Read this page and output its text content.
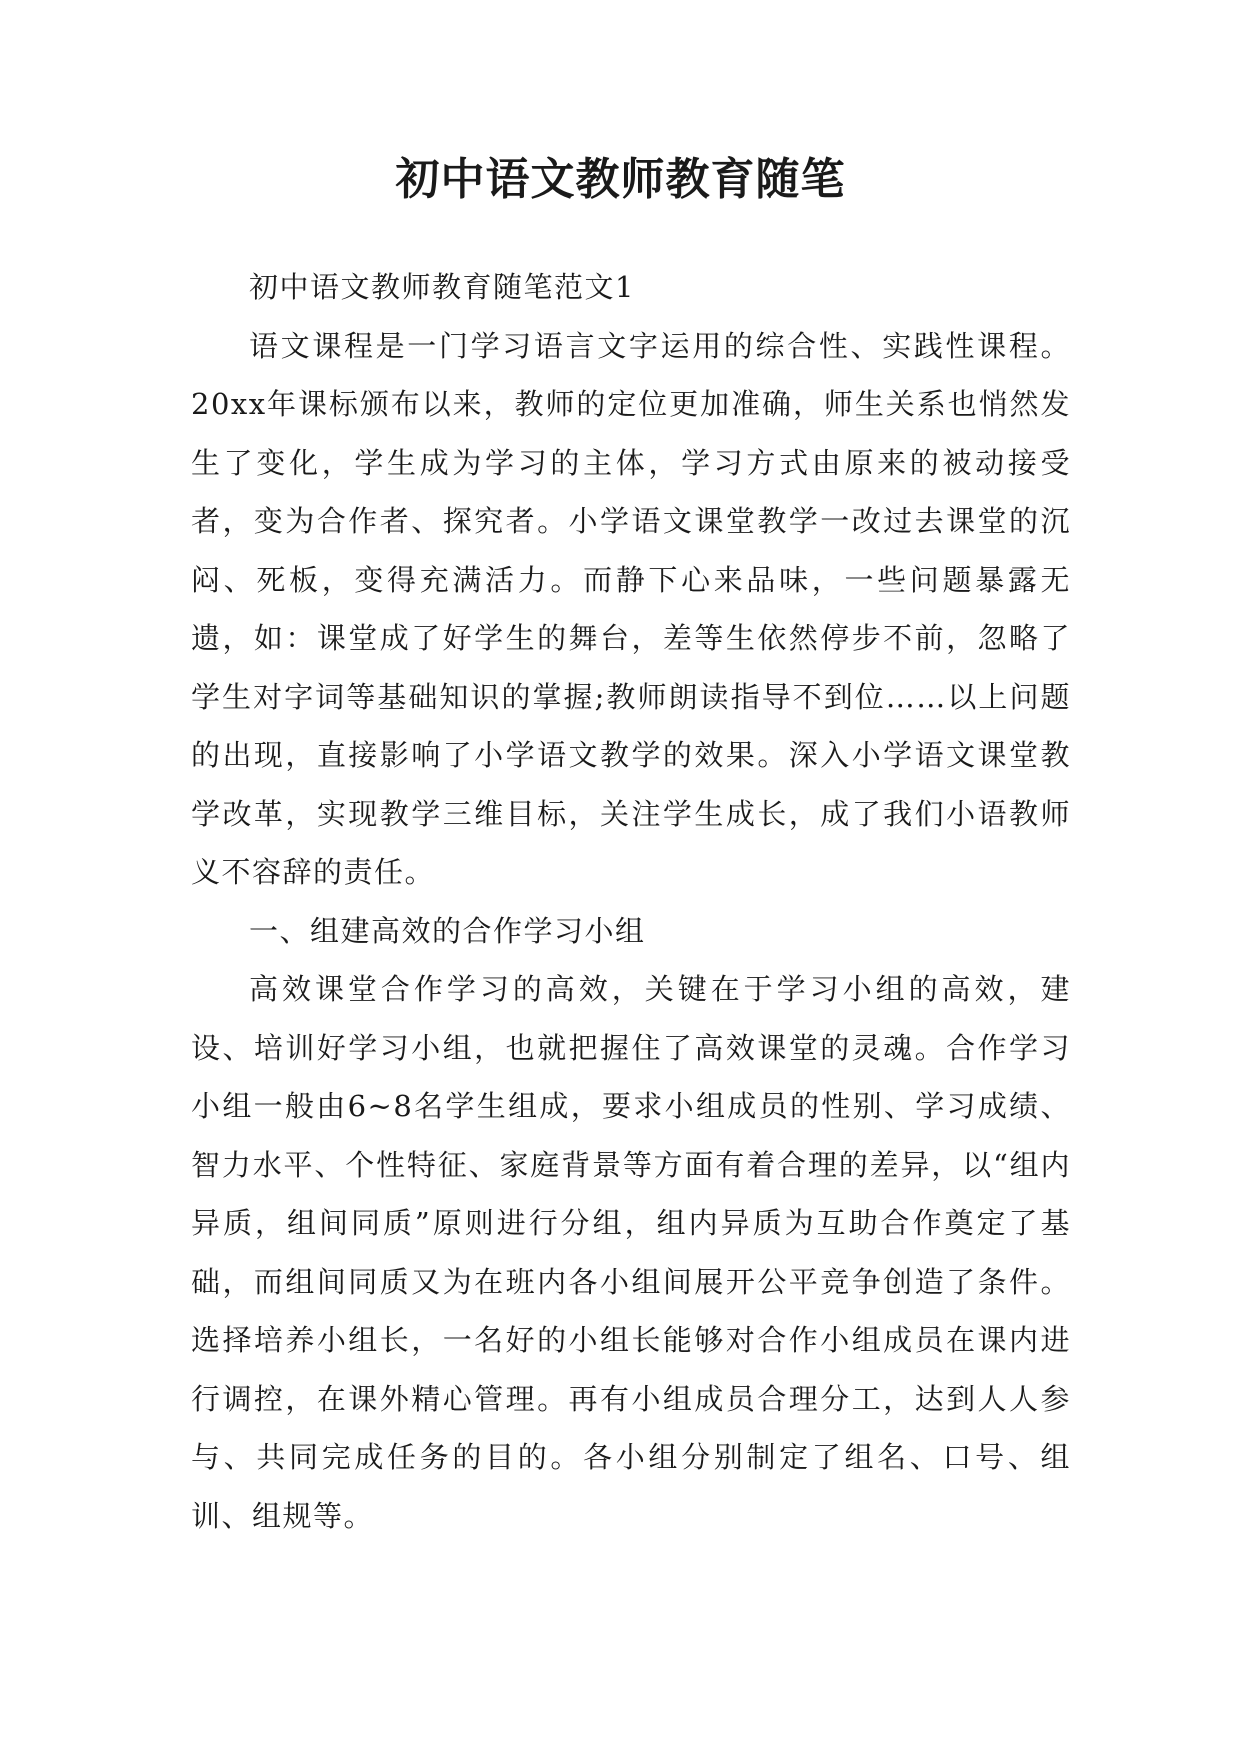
初中语文教师教育随笔

初中语文教师教育随笔范文1

语文课程是一门学习语言文字运用的综合性、实践性课程。20xx年课标颁布以来，教师的定位更加准确，师生关系也悄然发生了变化，学生成为学习的主体，学习方式由原来的被动接受者，变为合作者、探究者。小学语文课堂教学一改过去课堂的沉闷、死板，变得充满活力。而静下心来品味，一些问题暴露无遗，如：课堂成了好学生的舞台，差等生依然停步不前，忽略了学生对字词等基础知识的掌握;教师朗读指导不到位……以上问题的出现，直接影响了小学语文教学的效果。深入小学语文课堂教学改革，实现教学三维目标，关注学生成长，成了我们小语教师义不容辞的责任。

一、组建高效的合作学习小组

高效课堂合作学习的高效，关键在于学习小组的高效，建设、培训好学习小组，也就把握住了高效课堂的灵魂。合作学习小组一般由6~8名学生组成，要求小组成员的性别、学习成绩、智力水平、个性特征、家庭背景等方面有着合理的差异，以“组内异质，组间同质”原则进行分组，组内异质为互助合作奠定了基础，而组间同质又为在班内各小组间展开公平竞争创造了条件。选择培养小组长，一名好的小组长能够对合作小组成员在课内进行调控，在课外精心管理。再有小组成员合理分工，达到人人参与、共同完成任务的目的。各小组分别制定了组名、口号、组训、组规等。
